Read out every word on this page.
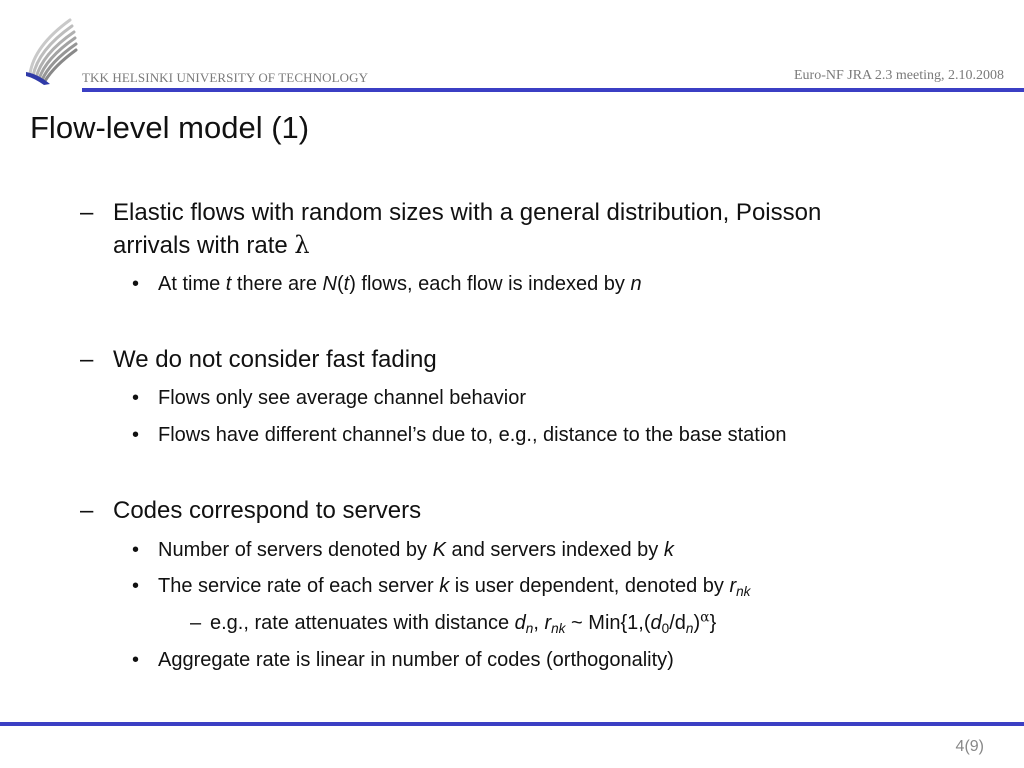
TKK HELSINKI UNIVERSITY OF TECHNOLOGY	Euro-NF JRA 2.3 meeting, 2.10.2008
Flow-level model (1)
– Elastic flows with random sizes with a general distribution, Poisson
arrivals with rate λ
• At time t there are N(t) flows, each flow is indexed by n
– We do not consider fast fading
• Flows only see average channel behavior
• Flows have different channel’s due to, e.g., distance to the base station
– Codes correspond to servers
• Number of servers denoted by K and servers indexed by k
• The service rate of each server k is user dependent, denoted by $r_{nk}$
– e.g., rate attenuates with distance $d_n$, $r_{nk}$ ~ $Min\{1,(d_0/d_n)^\alpha\}$
• Aggregate rate is linear in number of codes (orthogonality)
4(9)
